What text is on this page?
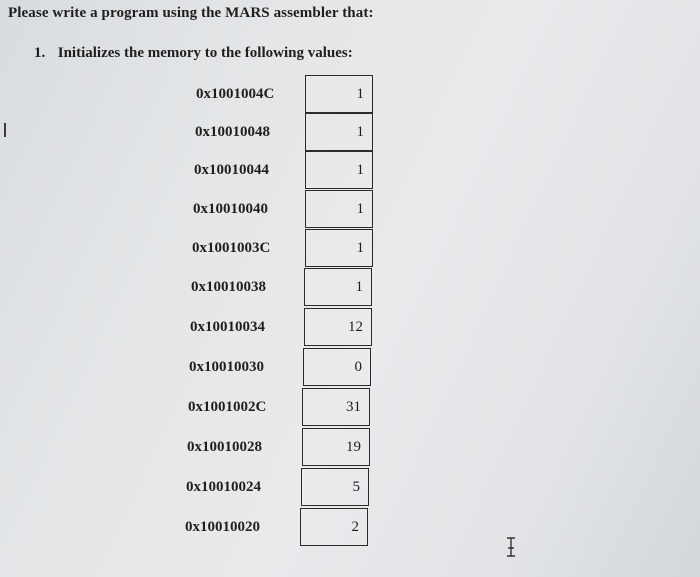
Please write a program using the MARS assembler that:
1. Initializes the memory to the following values:
0x1001004C	1
0x10010048	1
0x10010044	1
0x10010040	1
0x1001003C	1
0x10010038	1
0x10010034	12
0x10010030	0
0x1001002C	31
0x10010028	19
0x10010024	5
0x10010020	2
